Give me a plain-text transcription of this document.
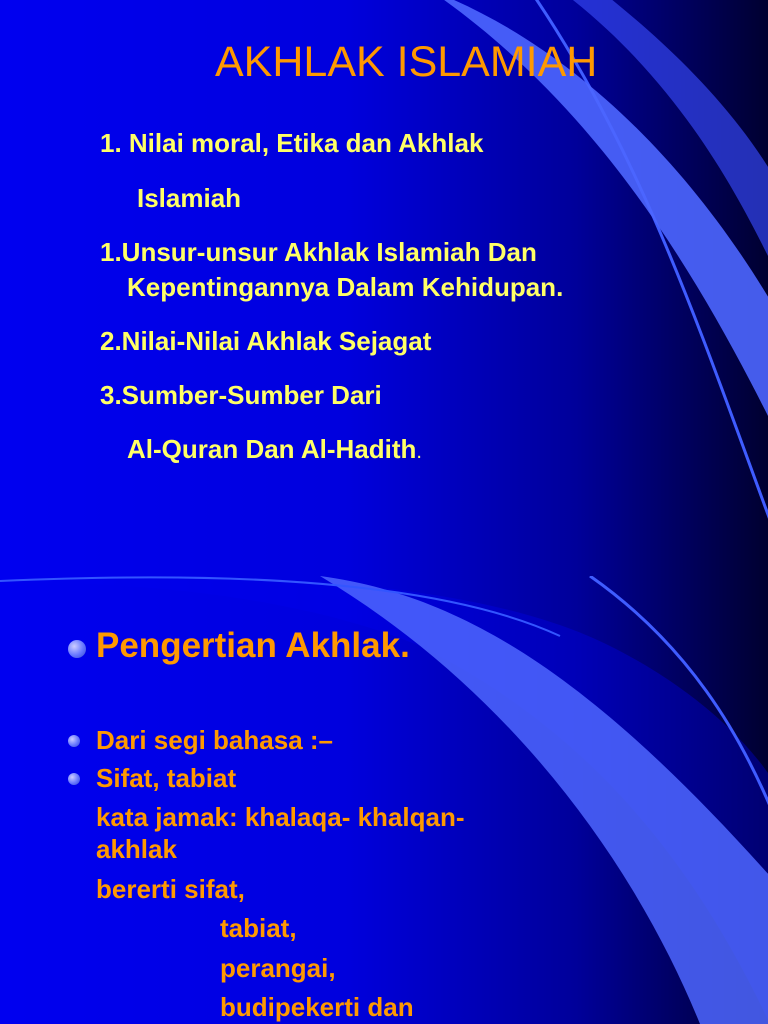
AKHLAK ISLAMIAH
1. Nilai moral, Etika dan Akhlak
Islamiah
1.Unsur-unsur Akhlak Islamiah Dan
Kepentingannya Dalam Kehidupan.
2.Nilai-Nilai Akhlak Sejagat
3.Sumber-Sumber Dari
Al-Quran Dan Al-Hadith.
Pengertian Akhlak.
Dari segi bahasa :–
Sifat, tabiat
kata jamak: khalaqa- khalqan-
akhlak
bererti sifat,
tabiat,
perangai,
budipekerti dan
